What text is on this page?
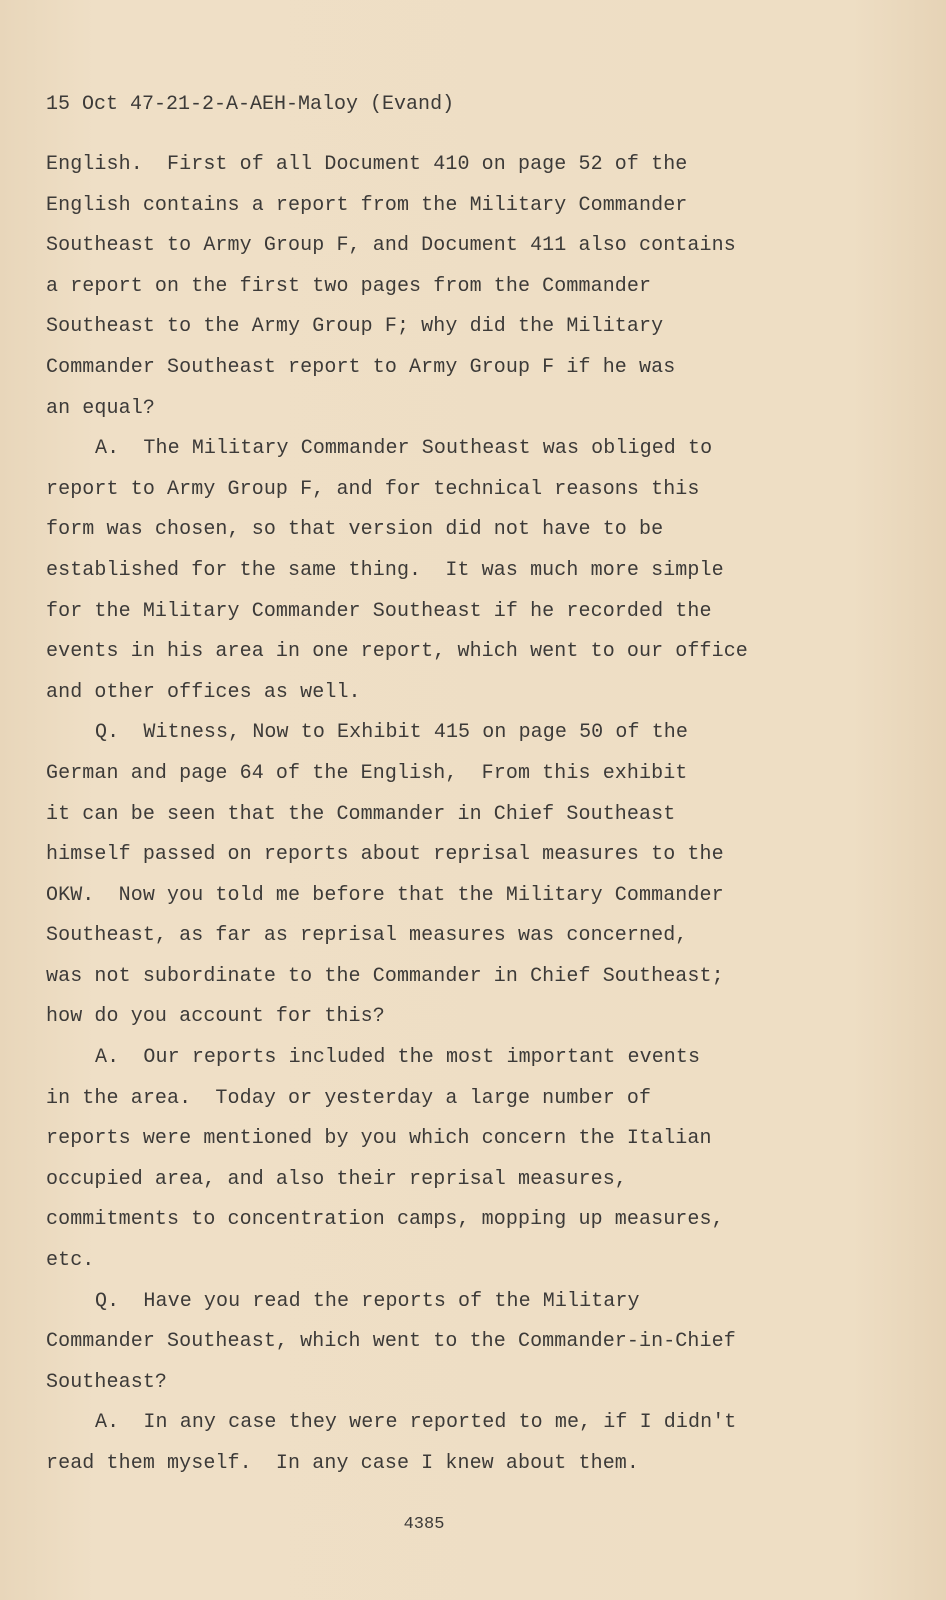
15 Oct 47-21-2-A-AEH-Maloy (Evand)
English.  First of all Document 410 on page 52 of the
English contains a report from the Military Commander
Southeast to Army Group F, and Document 411 also contains
a report on the first two pages from the Commander
Southeast to the Army Group F; why did the Military
Commander Southeast report to Army Group F if he was
an equal?
A.  The Military Commander Southeast was obliged to
report to Army Group F, and for technical reasons this
form was chosen, so that version did not have to be
established for the same thing.  It was much more simple
for the Military Commander Southeast if he recorded the
events in his area in one report, which went to our office
and other offices as well.
Q.  Witness, Now to Exhibit 415 on page 50 of the
German and page 64 of the English,  From this exhibit
it can be seen that the Commander in Chief Southeast
himself passed on reports about reprisal measures to the
OKW.  Now you told me before that the Military Commander
Southeast, as far as reprisal measures was concerned,
was not subordinate to the Commander in Chief Southeast;
how do you account for this?
A.  Our reports included the most important events
in the area.  Today or yesterday a large number of
reports were mentioned by you which concern the Italian
occupied area, and also their reprisal measures,
commitments to concentration camps, mopping up measures,
etc.
Q.  Have you read the reports of the Military
Commander Southeast, which went to the Commander-in-Chief
Southeast?
A.  In any case they were reported to me, if I didn't
read them myself.  In any case I knew about them.
4385
